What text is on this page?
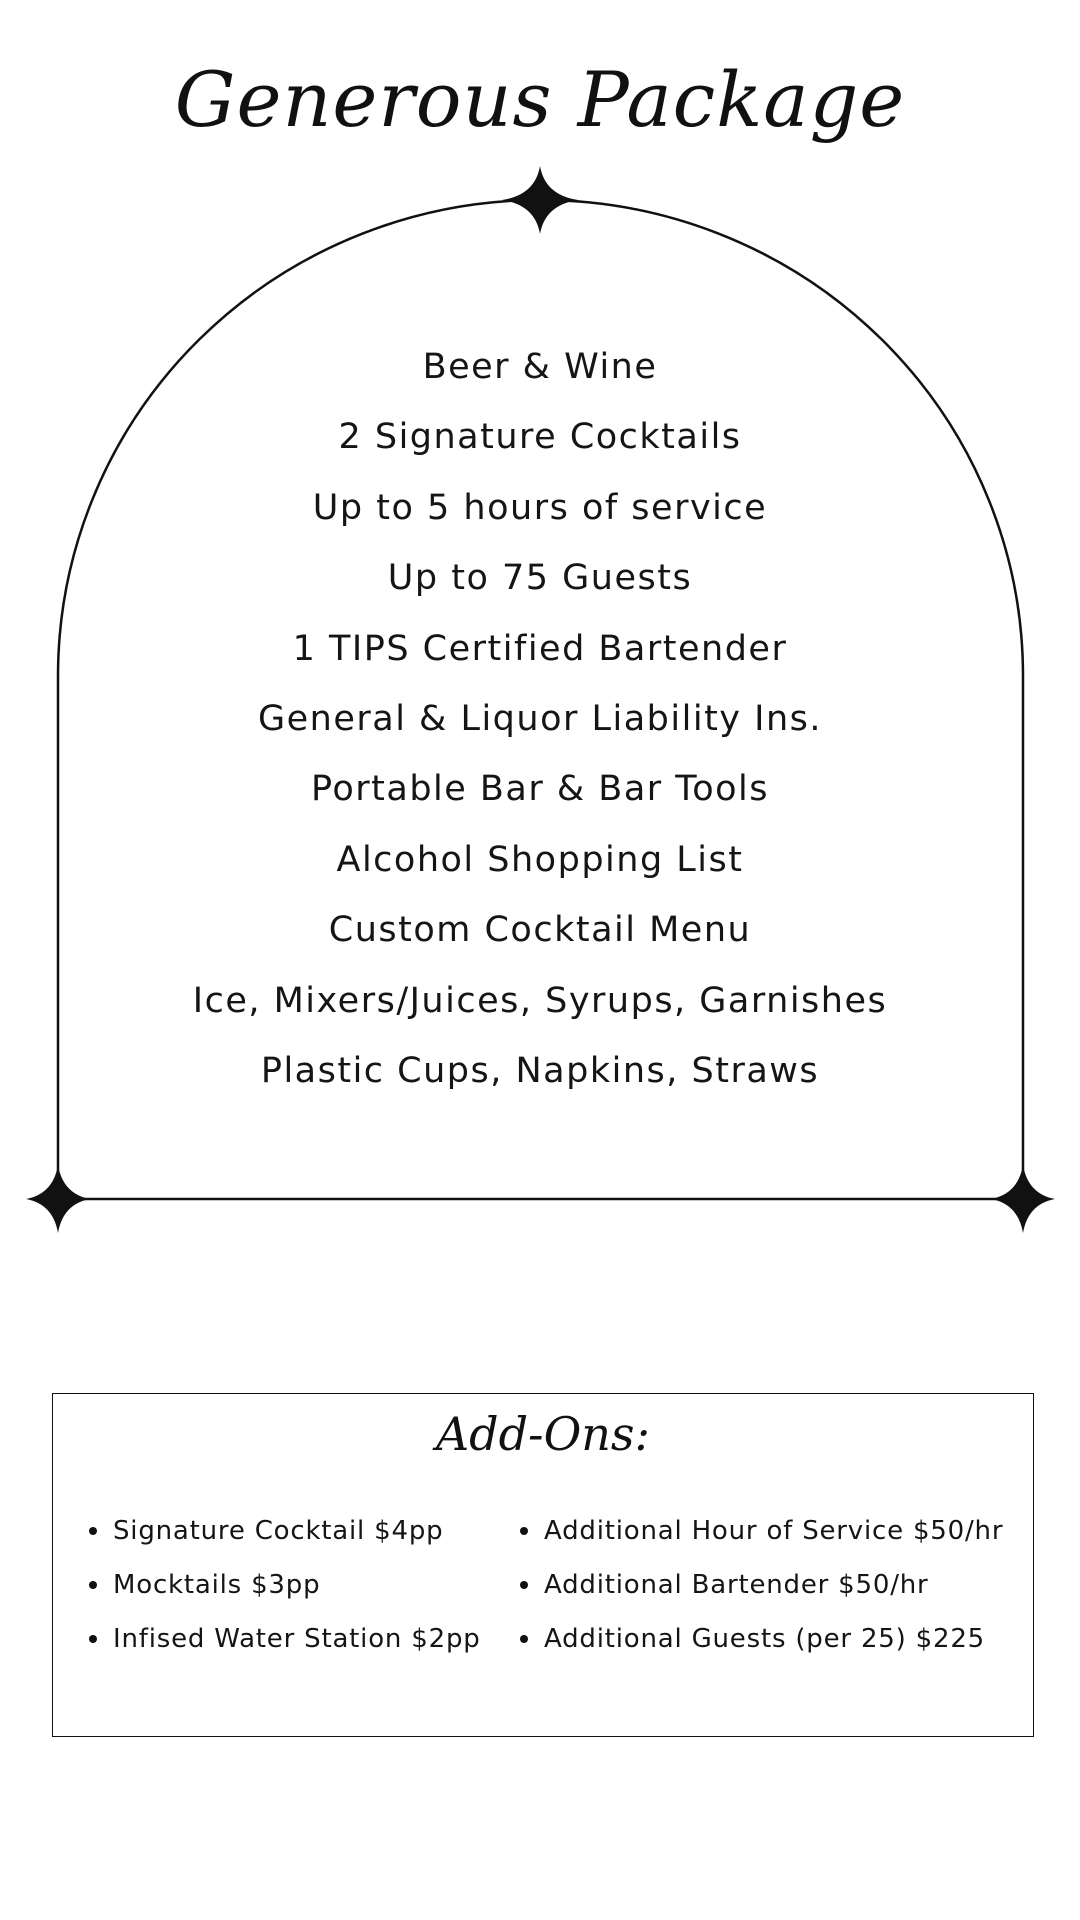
Generous Package
Beer & Wine
2 Signature Cocktails
Up to 5 hours of service
Up to 75 Guests
1 TIPS Certified Bartender
General & Liquor Liability Ins.
Portable Bar & Bar Tools
Alcohol Shopping List
Custom Cocktail Menu
Ice, Mixers/Juices, Syrups, Garnishes
Plastic Cups, Napkins, Straws
Add-Ons:
Signature Cocktail $4pp
Mocktails $3pp
Infised Water Station $2pp
Additional Hour of Service $50/hr
Additional Bartender $50/hr
Additional Guests (per 25) $225
